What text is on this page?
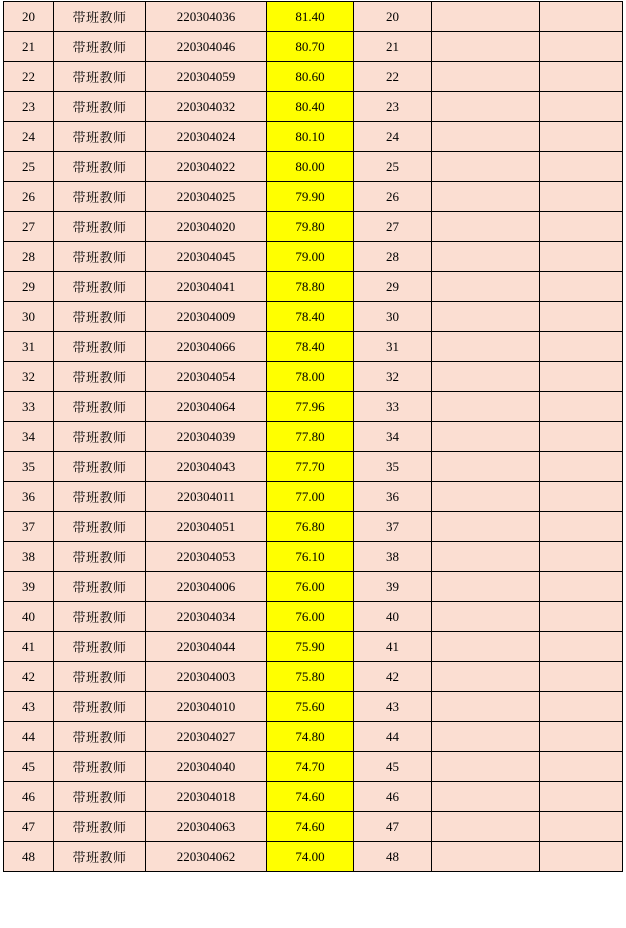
20	带班教师	220304036	81.40	20		
21	带班教师	220304046	80.70	21		
22	带班教师	220304059	80.60	22		
23	带班教师	220304032	80.40	23		
24	带班教师	220304024	80.10	24		
25	带班教师	220304022	80.00	25		
26	带班教师	220304025	79.90	26		
27	带班教师	220304020	79.80	27		
28	带班教师	220304045	79.00	28		
29	带班教师	220304041	78.80	29		
30	带班教师	220304009	78.40	30		
31	带班教师	220304066	78.40	31		
32	带班教师	220304054	78.00	32		
33	带班教师	220304064	77.96	33		
34	带班教师	220304039	77.80	34		
35	带班教师	220304043	77.70	35		
36	带班教师	220304011	77.00	36		
37	带班教师	220304051	76.80	37		
38	带班教师	220304053	76.10	38		
39	带班教师	220304006	76.00	39		
40	带班教师	220304034	76.00	40		
41	带班教师	220304044	75.90	41		
42	带班教师	220304003	75.80	42		
43	带班教师	220304010	75.60	43		
44	带班教师	220304027	74.80	44		
45	带班教师	220304040	74.70	45		
46	带班教师	220304018	74.60	46		
47	带班教师	220304063	74.60	47		
48	带班教师	220304062	74.00	48		
